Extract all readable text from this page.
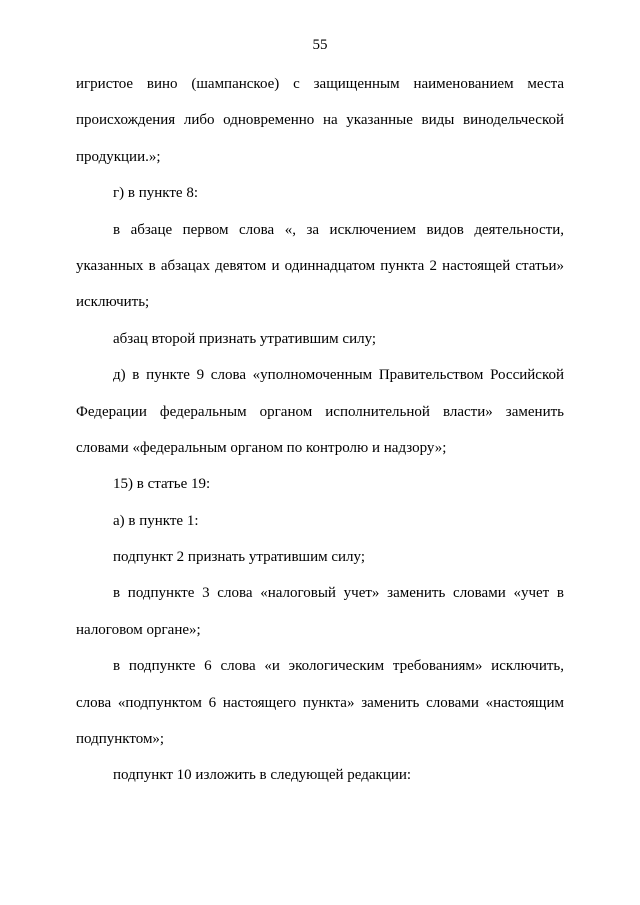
55
игристое вино (шампанское) с защищенным наименованием места
происхождения либо одновременно на указанные виды винодельческой
продукции.»;
г) в пункте 8:
в абзаце первом слова «, за исключением видов деятельности,
указанных в абзацах девятом и одиннадцатом пункта 2 настоящей статьи»
исключить;
абзац второй признать утратившим силу;
д) в пункте 9 слова «уполномоченным Правительством Российской
Федерации федеральным органом исполнительной власти» заменить
словами «федеральным органом по контролю и надзору»;
15) в статье 19:
а) в пункте 1:
подпункт 2 признать утратившим силу;
в подпункте 3 слова «налоговый учет» заменить словами «учет в
налоговом органе»;
в подпункте 6 слова «и экологическим требованиям» исключить,
слова «подпунктом 6 настоящего пункта» заменить словами «настоящим
подпунктом»;
подпункт 10 изложить в следующей редакции:
